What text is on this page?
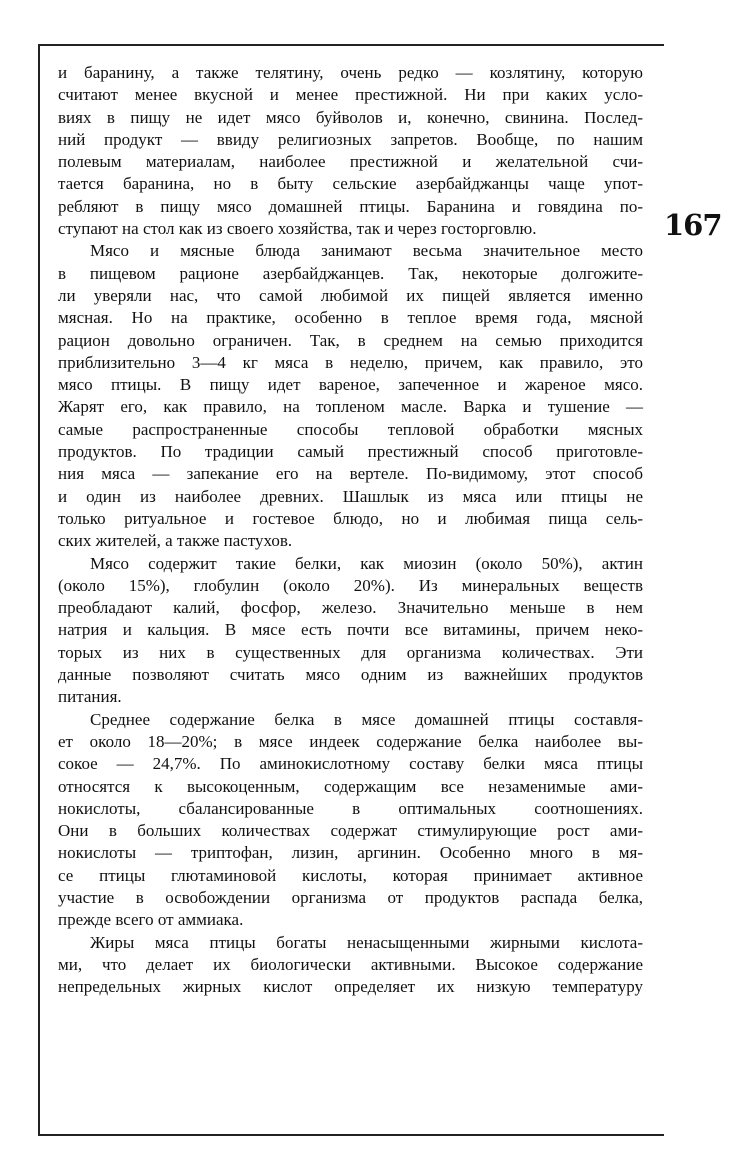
167
и баранину, а также телятину, очень редко — козлятину, которую
считают менее вкусной и менее престижной. Ни при каких усло-
виях в пищу не идет мясо буйволов и, конечно, свинина. Послед-
ний продукт — ввиду религиозных запретов. Вообще, по нашим
полевым материалам, наиболее престижной и желательной счи-
тается баранина, но в быту сельские азербайджанцы чаще упот-
ребляют в пищу мясо домашней птицы. Баранина и говядина по-
ступают на стол как из своего хозяйства, так и через госторговлю.
Мясо и мясные блюда занимают весьма значительное место
в пищевом рационе азербайджанцев. Так, некоторые долгожите-
ли уверяли нас, что самой любимой их пищей является именно
мясная. Но на практике, особенно в теплое время года, мясной
рацион довольно ограничен. Так, в среднем на семью приходится
приблизительно 3—4 кг мяса в неделю, причем, как правило, это
мясо птицы. В пищу идет вареное, запеченное и жареное мясо.
Жарят его, как правило, на топленом масле. Варка и тушение —
самые распространенные способы тепловой обработки мясных
продуктов. По традиции самый престижный способ приготовле-
ния мяса — запекание его на вертеле. По-видимому, этот способ
и один из наиболее древних. Шашлык из мяса или птицы не
только ритуальное и гостевое блюдо, но и любимая пища сель-
ских жителей, а также пастухов.
Мясо содержит такие белки, как миозин (около 50%), актин
(около 15%), глобулин (около 20%). Из минеральных веществ
преобладают калий, фосфор, железо. Значительно меньше в нем
натрия и кальция. В мясе есть почти все витамины, причем неко-
торых из них в существенных для организма количествах. Эти
данные позволяют считать мясо одним из важнейших продуктов
питания.
Среднее содержание белка в мясе домашней птицы составля-
ет около 18—20%; в мясе индеек содержание белка наиболее вы-
сокое — 24,7%. По аминокислотному составу белки мяса птицы
относятся к высокоценным, содержащим все незаменимые ами-
нокислоты, сбалансированные в оптимальных соотношениях.
Они в больших количествах содержат стимулирующие рост ами-
нокислоты — триптофан, лизин, аргинин. Особенно много в мя-
се птицы глютаминовой кислоты, которая принимает активное
участие в освобождении организма от продуктов распада белка,
прежде всего от аммиака.
Жиры мяса птицы богаты ненасыщенными жирными кислота-
ми, что делает их биологически активными. Высокое содержание
непредельных жирных кислот определяет их низкую температуру
